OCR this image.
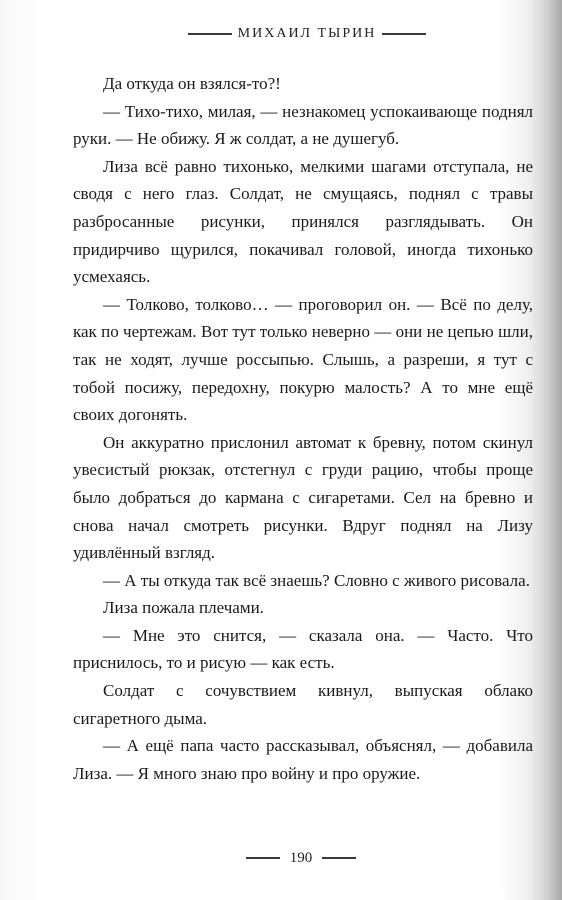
МИХАИЛ ТЫРИН

Да откуда он взялся-то?!

— Тихо-тихо, милая, — незнакомец успокаивающе поднял руки. — Не обижу. Я ж солдат, а не душегуб.

Лиза всё равно тихонько, мелкими шагами отступала, не сводя с него глаз. Солдат, не смущаясь, поднял с травы разбросанные рисунки, принялся разглядывать. Он придирчиво щурился, покачивал головой, иногда тихонько усмехаясь.

— Толково, толково… — проговорил он. — Всё по делу, как по чертежам. Вот тут только неверно — они не цепью шли, так не ходят, лучше россыпью. Слышь, а разреши, я тут с тобой посижу, передохну, покурю малость? А то мне ещё своих догонять.

Он аккуратно прислонил автомат к бревну, потом скинул увесистый рюкзак, отстегнул с груди рацию, чтобы проще было добраться до кармана с сигаретами. Сел на бревно и снова начал смотреть рисунки. Вдруг поднял на Лизу удивлённый взгляд.

— А ты откуда так всё знаешь? Словно с живого рисовала.

Лиза пожала плечами.

— Мне это снится, — сказала она. — Часто. Что приснилось, то и рисую — как есть.

Солдат с сочувствием кивнул, выпуская облако сигаретного дыма.

— А ещё папа часто рассказывал, объяснял, — добавила Лиза. — Я много знаю про войну и про оружие.

190
